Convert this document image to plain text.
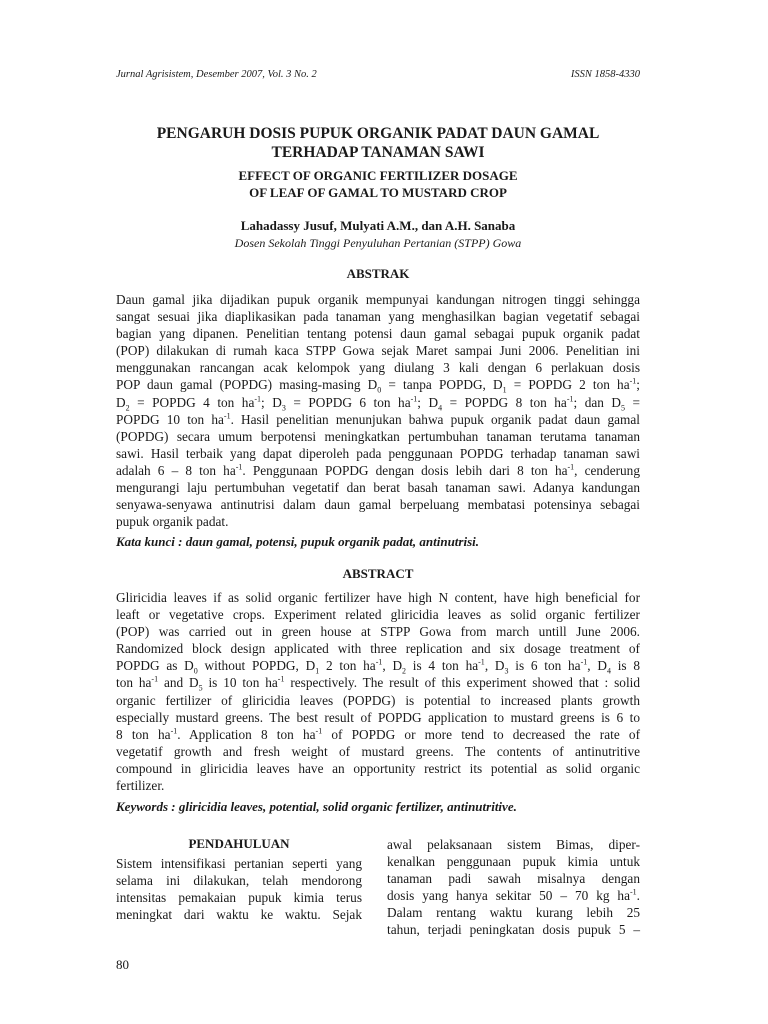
Jurnal Agrisistem, Desember 2007, Vol. 3 No. 2	ISSN 1858-4330
PENGARUH DOSIS PUPUK ORGANIK PADAT DAUN GAMAL
TERHADAP TANAMAN SAWI
EFFECT OF ORGANIC FERTILIZER DOSAGE
OF LEAF OF GAMAL TO MUSTARD CROP
Lahadassy Jusuf, Mulyati A.M., dan A.H. Sanaba
Dosen Sekolah Tinggi Penyuluhan Pertanian (STPP) Gowa
ABSTRAK
Daun gamal jika dijadikan pupuk organik mempunyai kandungan nitrogen tinggi sehingga
sangat sesuai jika diaplikasikan pada tanaman yang menghasilkan bagian vegetatif sebagai
bagian yang dipanen. Penelitian tentang potensi daun gamal sebagai pupuk organik padat
(POP) dilakukan di rumah kaca STPP Gowa sejak Maret sampai Juni 2006. Penelitian ini
menggunakan rancangan acak kelompok yang diulang 3 kali dengan 6 perlakuan dosis
POP daun gamal (POPDG) masing-masing $D_0$ = tanpa POPDG, $D_1$ = POPDG 2 ton $ha^{-1}$;
$D_2$ = POPDG 4 ton $ha^{-1}$; $D_3$ = POPDG 6 ton $ha^{-1}$; $D_4$ = POPDG 8 ton $ha^{-1}$; dan $D_5$ =
POPDG 10 ton $ha^{-1}$. Hasil penelitian menunjukan bahwa pupuk organik padat daun gamal
(POPDG) secara umum berpotensi meningkatkan pertumbuhan tanaman terutama tanaman
sawi. Hasil terbaik yang dapat diperoleh pada penggunaan POPDG terhadap tanaman sawi
adalah 6 – 8 ton $ha^{-1}$. Penggunaan POPDG dengan dosis lebih dari 8 ton $ha^{-1}$, cenderung
mengurangi laju pertumbuhan vegetatif dan berat basah tanaman sawi. Adanya kandungan
senyawa-senyawa antinutrisi dalam daun gamal berpeluang membatasi potensinya sebagai
pupuk organik padat.
Kata kunci : daun gamal, potensi, pupuk organik padat, antinutrisi.
ABSTRACT
Gliricidia leaves if as solid organic fertilizer have high N content, have high beneficial for
leaft or vegetative crops. Experiment related gliricidia leaves as solid organic fertilizer
(POP) was carried out in green house at STPP Gowa from march untill June 2006.
Randomized block design applicated with three replication and six dosage treatment of
POPDG as $D_0$ without POPDG, $D_1$ 2 ton $ha^{-1}$, $D_2$ is 4 ton $ha^{-1}$, $D_3$ is 6 ton $ha^{-1}$, $D_4$ is 8
ton $ha^{-1}$ and $D_5$ is 10 ton $ha^{-1}$ respectively. The result of this experiment showed that : solid
organic fertilizer of gliricidia leaves (POPDG) is potential to increased plants growth
especially mustard greens. The best result of POPDG application to mustard greens is 6 to
8 ton $ha^{-1}$. Application 8 ton $ha^{-1}$ of POPDG or more tend to decreased the rate of
vegetatif growth and fresh weight of mustard greens. The contents of antinutritive
compound in gliricidia leaves have an opportunity restrict its potential as solid organic
fertilizer.
Keywords : gliricidia leaves, potential, solid organic fertilizer, antinutritive.
PENDAHULUAN
Sistem intensifikasi pertanian seperti yang
selama ini dilakukan, telah mendorong
intensitas pemakaian pupuk kimia terus
meningkat dari waktu ke waktu. Sejak
awal pelaksanaan sistem Bimas, diper-
kenalkan penggunaan pupuk kimia untuk
tanaman padi sawah misalnya dengan
dosis yang hanya sekitar 50 – 70 kg $ha^{-1}$.
Dalam rentang waktu kurang lebih 25
tahun, terjadi peningkatan dosis pupuk 5 –
80
